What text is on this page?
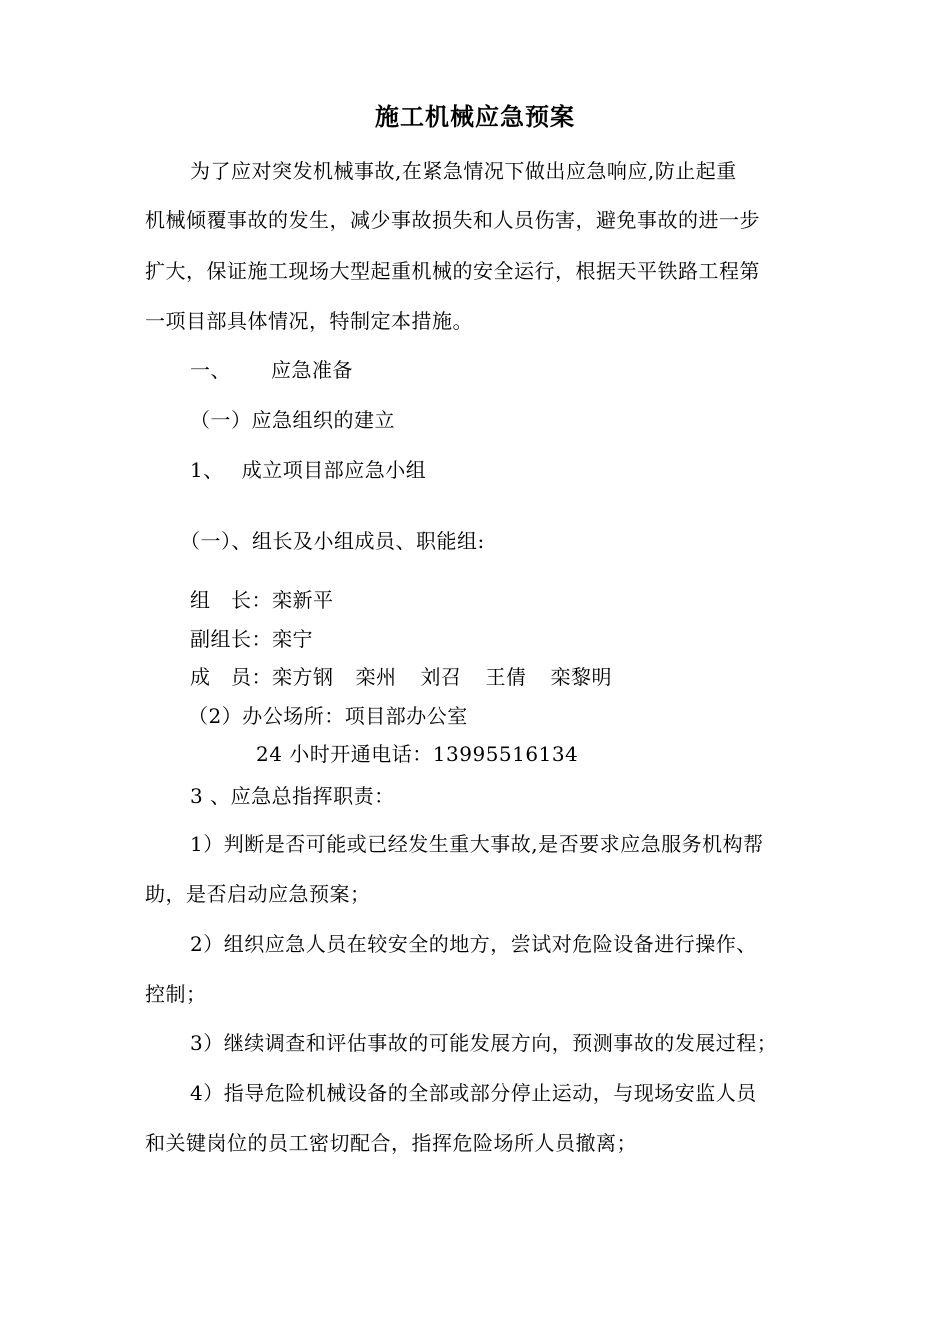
施工机械应急预案
为了应对突发机械事故,在紧急情况下做出应急响应,防止起重
机械倾覆事故的发生，减少事故损失和人员伤害，避免事故的进一步
扩大，保证施工现场大型起重机械的安全运行，根据天平铁路工程第
一项目部具体情况，特制定本措施。
一、 应急准备
（一）应急组织的建立
1、 成立项目部应急小组
（一）、组长及小组成员、职能组:
组　长：栾新平
副组长：栾宁
成　员：栾方钢 栾州 刘召 王倩 栾黎明
（2）办公场所：项目部办公室
24 小时开通电话：13995516134
3 、应急总指挥职责：
1）判断是否可能或已经发生重大事故,是否要求应急服务机构帮
助，是否启动应急预案；
2）组织应急人员在较安全的地方，尝试对危险设备进行操作、
控制；
3）继续调查和评估事故的可能发展方向，预测事故的发展过程；
4）指导危险机械设备的全部或部分停止运动，与现场安监人员
和关键岗位的员工密切配合，指挥危险场所人员撤离；
